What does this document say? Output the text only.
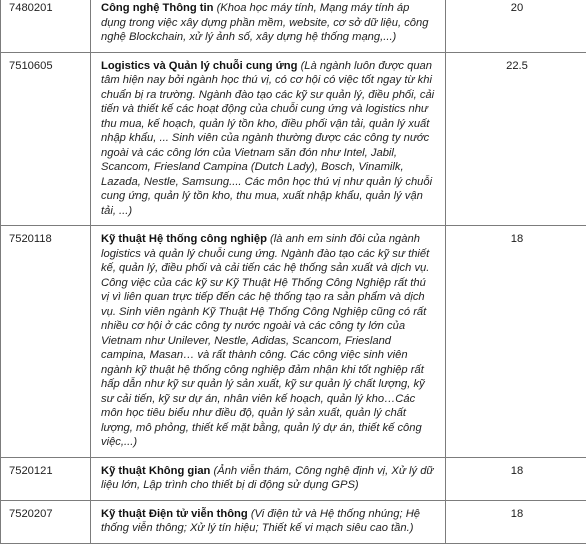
7480201	Công nghệ Thông tin (Khoa học máy tính, Mạng máy tính áp dụng trong việc xây dựng phần mềm, website, cơ sở dữ liệu, công nghệ Blockchain, xử lý ảnh số, xây dựng hệ thống mạng,...)	20
7510605	Logistics và Quản lý chuỗi cung ứng (Là ngành luôn được quan tâm hiện nay bởi ngành học thú vị, có cơ hội có việc tốt ngay từ khi chuẩn bị ra trường. Ngành đào tạo các kỹ sư quản lý, điều phối, cải tiến và thiết kế các hoạt động của chuỗi cung ứng và logistics như thu mua, kế hoạch, quản lý tồn kho, điều phối vận tải, quản lý xuất nhập khẩu, ... Sinh viên của ngành thường được các công ty nước ngoài và các công lớn của Vietnam săn đón như Intel, Jabil, Scancom, Friesland Campina (Dutch Lady), Bosch, Vinamilk, Lazada, Nestle, Samsung.... Các môn học thú vị như quản lý chuỗi cung ứng, quản lý tồn kho, thu mua, xuất nhập khẩu, quản lý vận tải, ...)	22.5
7520118	Kỹ thuật Hệ thống công nghiệp (là anh em sinh đôi của ngành logistics và quản lý chuỗi cung ứng. Ngành đào tạo các kỹ sư thiết kế, quản lý, điều phối và cải tiến các hệ thống sản xuất và dịch vụ. Công việc của các kỹ sư Kỹ Thuật Hệ Thống Công Nghiệp rất thú vị vì liên quan trực tiếp đến các hệ thống tạo ra sản phẩm và dịch vụ. Sinh viên ngành Kỹ Thuật Hệ Thống Công Nghiệp cũng có rất nhiều cơ hội ở các công ty nước ngoài và các công ty lớn của Vietnam như Unilever, Nestle, Adidas, Scancom, Friesland campina, Masan… và rất thành công. Các công việc sinh viên ngành kỹ thuật hệ thống công nghiệp đảm nhận khi tốt nghiệp rất hấp dẫn như kỹ sư quản lý sản xuất, kỹ sư quản lý chất lượng, kỹ sư cải tiến, kỹ sư dự án, nhân viên kế hoạch, quản lý kho…Các môn học tiêu biểu như điều độ, quản lý sản xuất, quản lý chất lượng, mô phỏng, thiết kế mặt bằng, quản lý dự án, thiết kế công việc,...)	18
7520121	Kỹ thuật Không gian (Ảnh viễn thám, Công nghệ định vị, Xử lý dữ liệu lớn, Lập trình cho thiết bị di động sử dụng GPS)	18
7520207	Kỹ thuật Điện tử viễn thông (Vi điện tử và Hệ thống nhúng; Hệ thống viễn thông; Xử lý tín hiệu; Thiết kế vi mạch siêu cao tần.)	18
